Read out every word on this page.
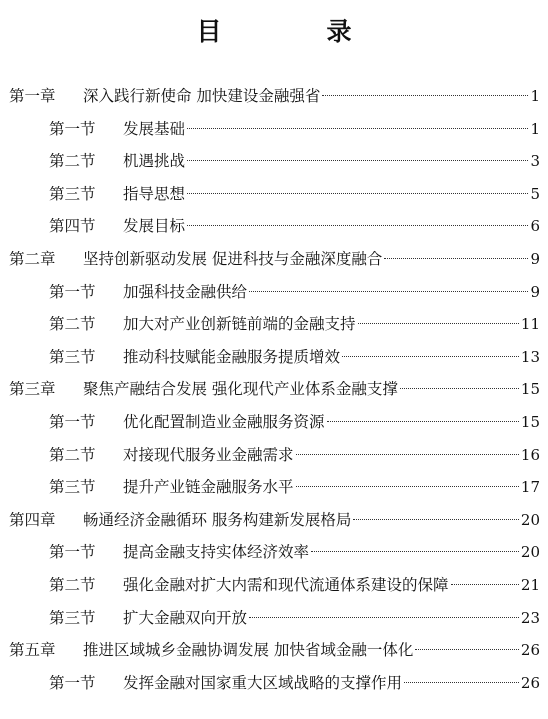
目　录
第一章 深入践行新使命 加快建设金融强省	1
第一节 发展基础	1
第二节 机遇挑战	3
第三节 指导思想	5
第四节 发展目标	6
第二章 坚持创新驱动发展 促进科技与金融深度融合	9
第一节 加强科技金融供给	9
第二节 加大对产业创新链前端的金融支持	11
第三节 推动科技赋能金融服务提质增效	13
第三章 聚焦产融结合发展 强化现代产业体系金融支撑	15
第一节 优化配置制造业金融服务资源	15
第二节 对接现代服务业金融需求	16
第三节 提升产业链金融服务水平	17
第四章 畅通经济金融循环 服务构建新发展格局	20
第一节 提高金融支持实体经济效率	20
第二节 强化金融对扩大内需和现代流通体系建设的保障	21
第三节 扩大金融双向开放	23
第五章 推进区域城乡金融协调发展 加快省域金融一体化	26
第一节 发挥金融对国家重大区域战略的支撑作用	26
